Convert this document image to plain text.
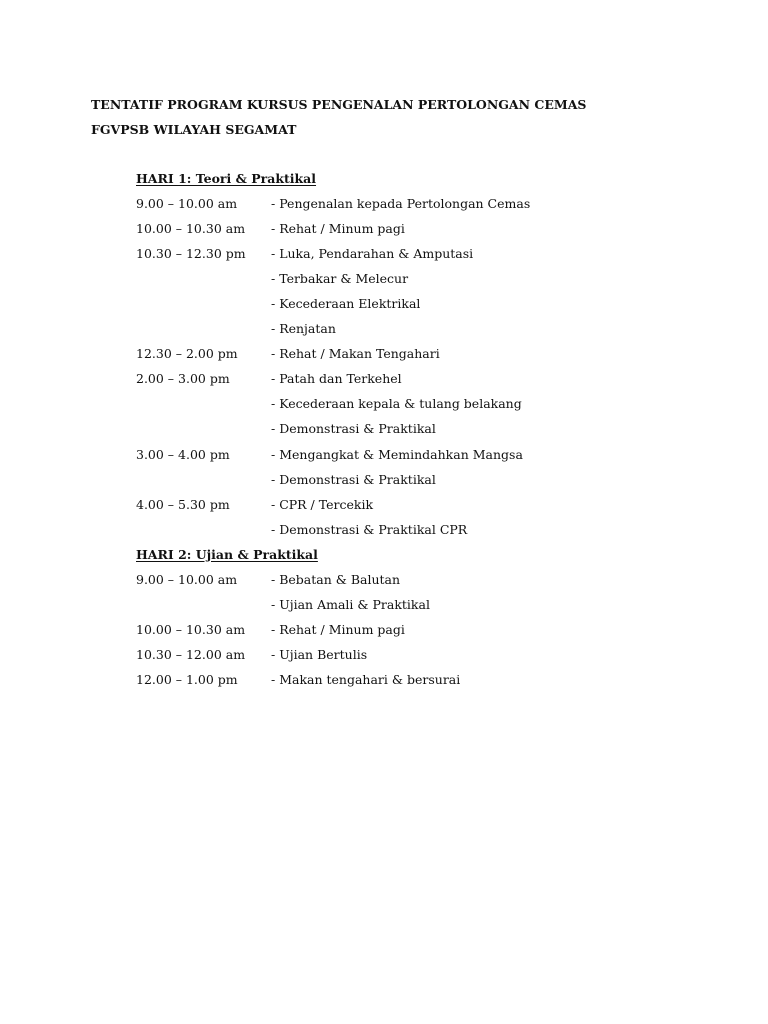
TENTATIF PROGRAM KURSUS PENGENALAN PERTOLONGAN CEMAS
FGVPSB WILAYAH SEGAMAT
HARI 1: Teori & Praktikal
9.00 – 10.00 am	- Pengenalan kepada Pertolongan Cemas
10.00 – 10.30 am	- Rehat / Minum pagi
10.30 – 12.30 pm	- Luka, Pendarahan & Amputasi
- Terbakar & Melecur
- Kecederaan Elektrikal
- Renjatan
12.30 – 2.00 pm	- Rehat / Makan Tengahari
2.00 – 3.00 pm	- Patah dan Terkehel
- Kecederaan kepala & tulang belakang
- Demonstrasi & Praktikal
3.00 – 4.00 pm	- Mengangkat & Memindahkan Mangsa
- Demonstrasi & Praktikal
4.00 – 5.30 pm	- CPR / Tercekik
- Demonstrasi & Praktikal CPR
HARI 2: Ujian & Praktikal
9.00 – 10.00 am	- Bebatan & Balutan
- Ujian Amali & Praktikal
10.00 – 10.30 am	- Rehat / Minum pagi
10.30 – 12.00 am	- Ujian Bertulis
12.00 – 1.00 pm	- Makan tengahari & bersurai
